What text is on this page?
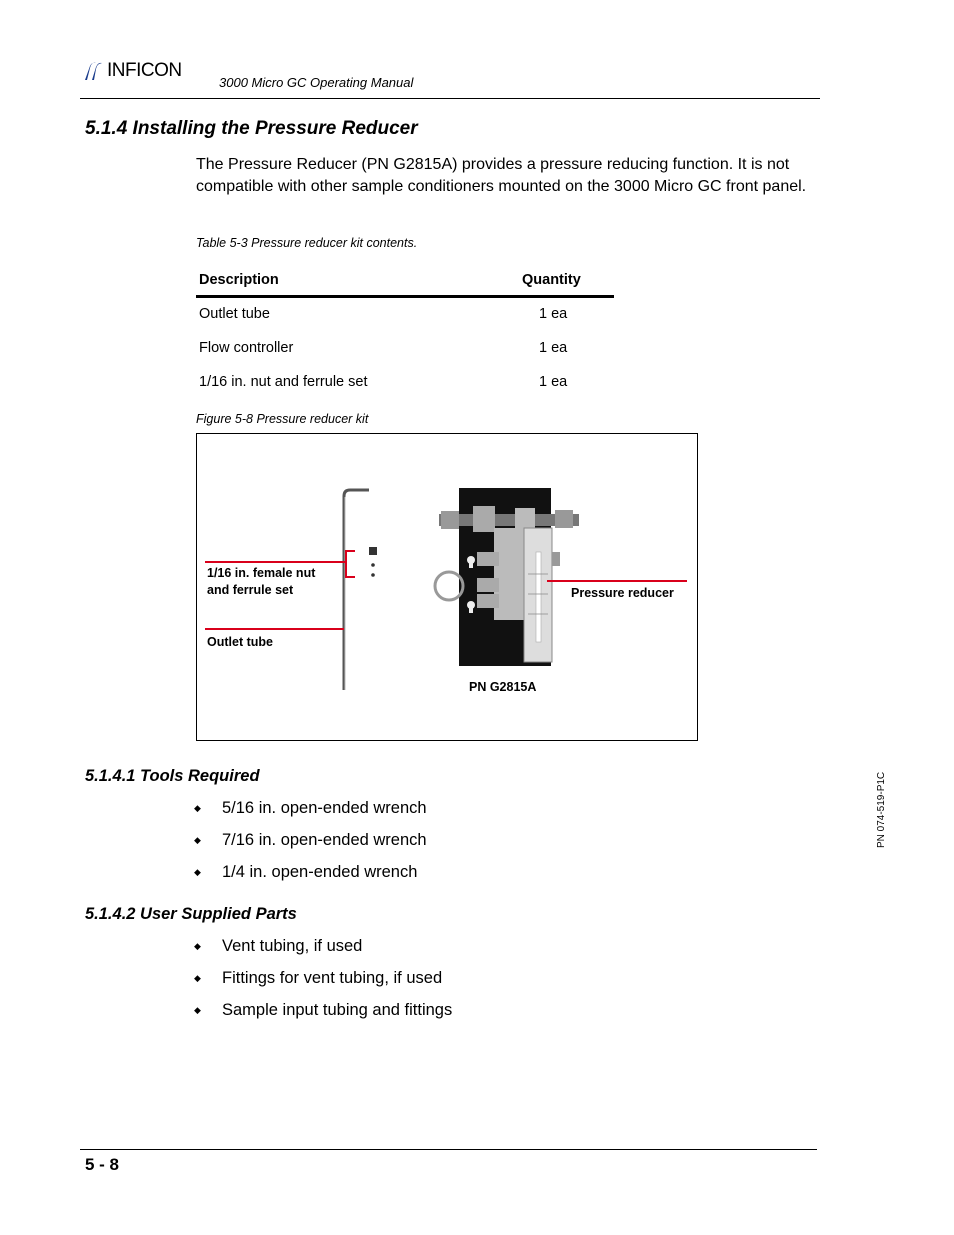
INFICON
3000 Micro GC Operating Manual
5.1.4 Installing the Pressure Reducer
The Pressure Reducer (PN G2815A) provides a pressure reducing function. It is not compatible with other sample conditioners mounted on the 3000 Micro GC front panel.
Table 5-3 Pressure reducer kit contents.
Description	Quantity
Outlet tube	1 ea
Flow controller	1 ea
1/16 in. nut and ferrule set	1 ea
Figure 5-8 Pressure reducer kit
1/16 in. female nut and ferrule set
Outlet tube
Pressure reducer
PN G2815A
5.1.4.1 Tools Required
◆	5/16 in. open-ended wrench
◆	7/16 in. open-ended wrench
◆	1/4 in. open-ended wrench
5.1.4.2 User Supplied Parts
◆	Vent tubing, if used
◆	Fittings for vent tubing, if used
◆	Sample input tubing and fittings
PN 074-519-P1C
5 - 8
